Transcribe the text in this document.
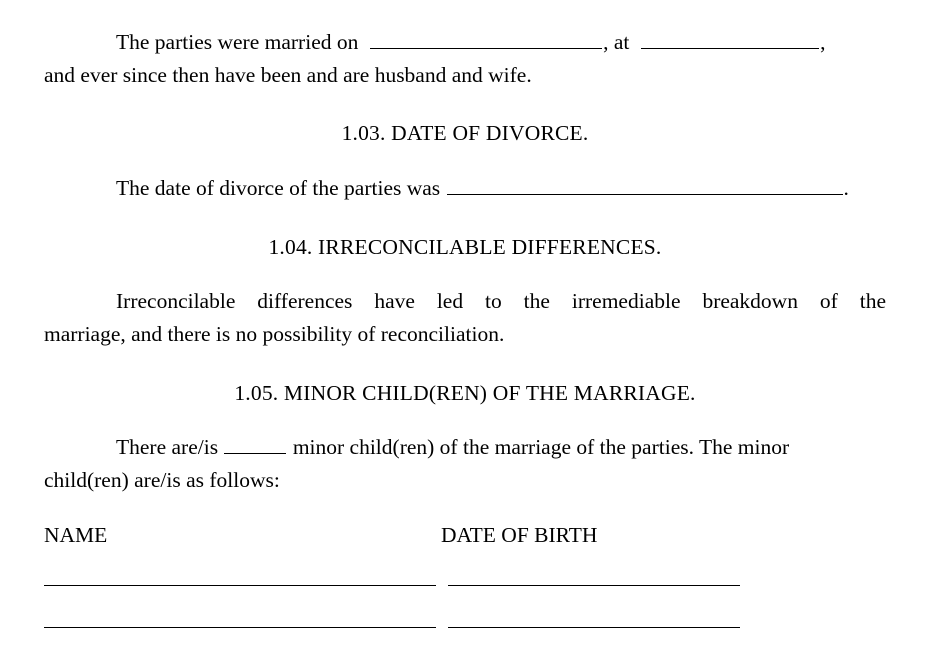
The parties were married on	, at	,

and ever since then have been and are husband and wife.

1.03. DATE OF DIVORCE.

The date of divorce of the parties was	.

1.04. IRRECONCILABLE DIFFERENCES.

Irreconcilable differences have led to the irremediable breakdown of the

marriage, and there is no possibility of reconciliation.

1.05. MINOR CHILD(REN) OF THE MARRIAGE.

There are/is	minor child(ren) of the marriage of the parties. The minor

child(ren) are/is as follows:

NAME	DATE OF BIRTH
